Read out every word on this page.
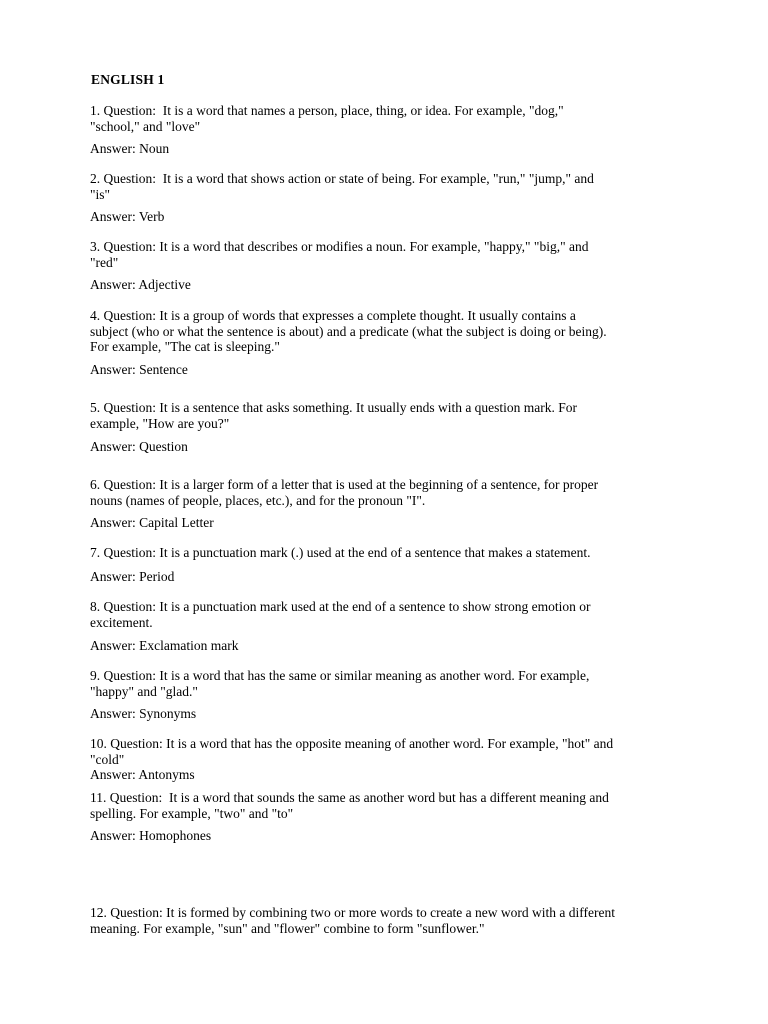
ENGLISH 1

1. Question:  It is a word that names a person, place, thing, or idea. For example, "dog,"
"school," and "love"

Answer: Noun

2. Question:  It is a word that shows action or state of being. For example, "run," "jump," and
"is"

Answer: Verb

3. Question: It is a word that describes or modifies a noun. For example, "happy," "big," and
"red"

Answer: Adjective

4. Question: It is a group of words that expresses a complete thought. It usually contains a
subject (who or what the sentence is about) and a predicate (what the subject is doing or being).
For example, "The cat is sleeping."

Answer: Sentence

5. Question: It is a sentence that asks something. It usually ends with a question mark. For
example, "How are you?"

Answer: Question

6. Question: It is a larger form of a letter that is used at the beginning of a sentence, for proper
nouns (names of people, places, etc.), and for the pronoun "I".

Answer: Capital Letter

7. Question: It is a punctuation mark (.) used at the end of a sentence that makes a statement.

Answer: Period

8. Question: It is a punctuation mark used at the end of a sentence to show strong emotion or
excitement.

Answer: Exclamation mark

9. Question: It is a word that has the same or similar meaning as another word. For example,
"happy" and "glad."

Answer: Synonyms

10. Question: It is a word that has the opposite meaning of another word. For example, "hot" and
"cold"

Answer: Antonyms

11. Question:  It is a word that sounds the same as another word but has a different meaning and
spelling. For example, "two" and "to"

Answer: Homophones

12. Question: It is formed by combining two or more words to create a new word with a different
meaning. For example, "sun" and "flower" combine to form "sunflower."
